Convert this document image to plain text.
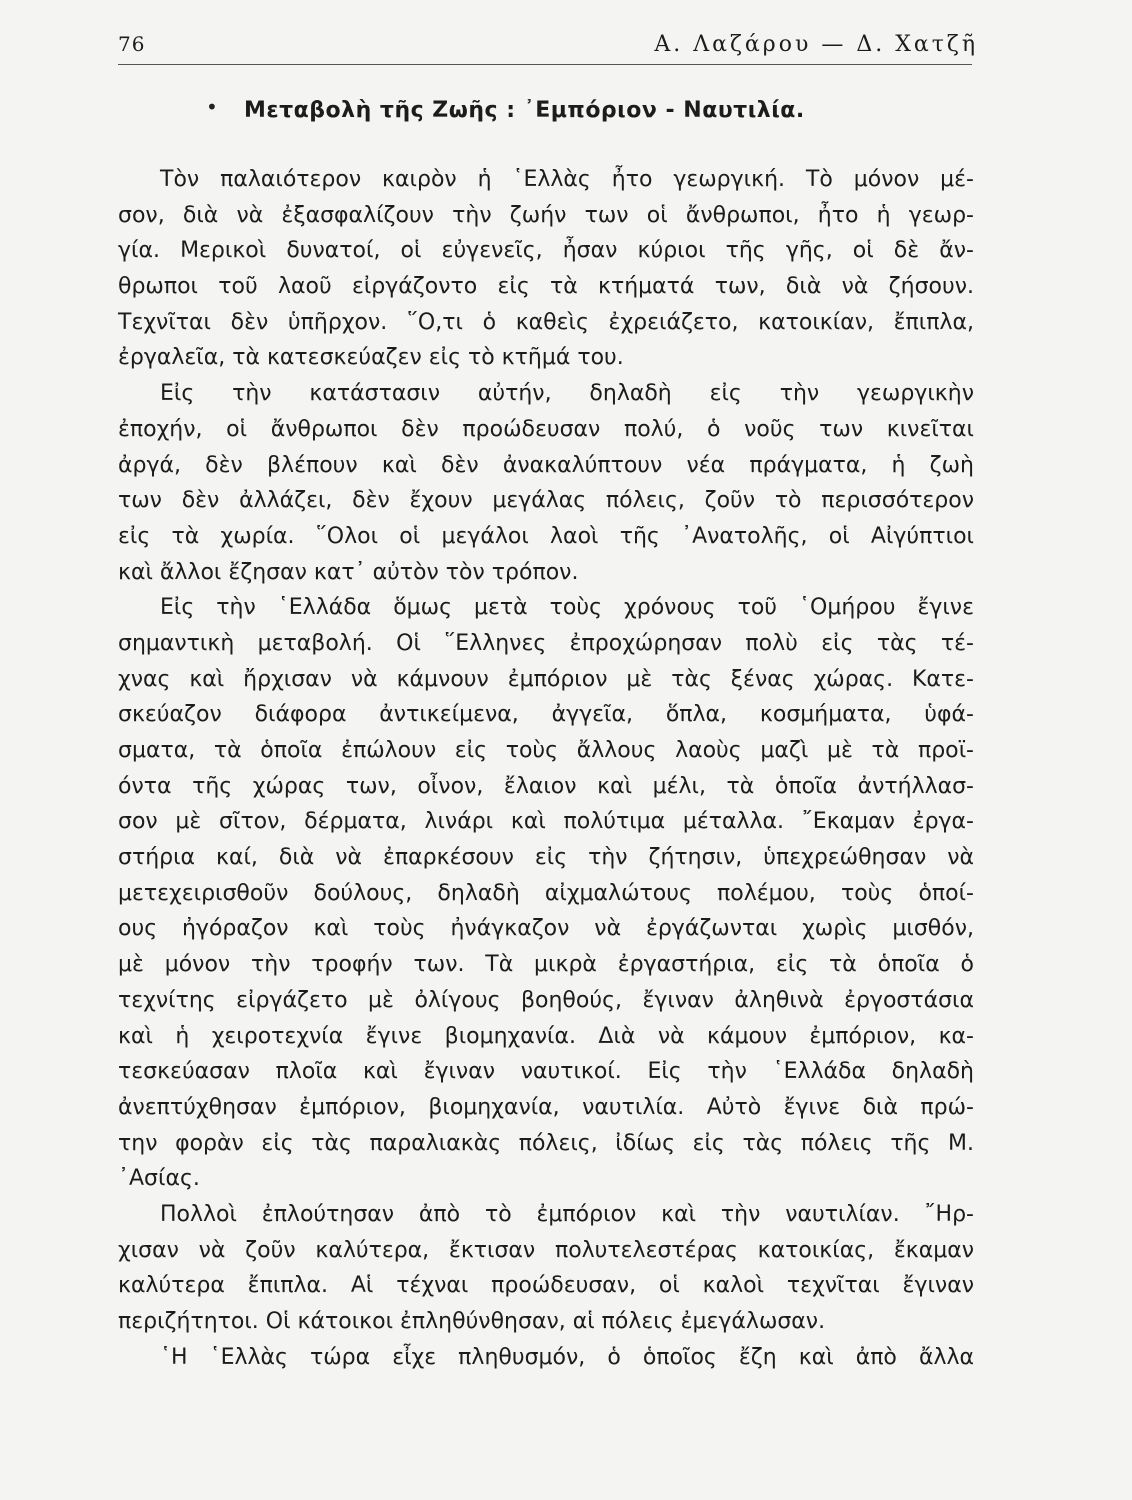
76	Α. Λαζάρου — Δ. Χατζῆ
• Μεταβολὴ τῆς Ζωῆς : ᾿Εμπόριον - Ναυτιλία.
Τὸν παλαιότερον καιρὸν ἡ ῾Ελλὰς ἦτο γεωργική. Τὸ μόνον μέ-
σον, διὰ νὰ ἐξασφαλίζουν τὴν ζωήν των οἱ ἄνθρωποι, ἦτο ἡ γεωρ-
γία. Μερικοὶ δυνατοί, οἱ εὐγενεῖς, ἦσαν κύριοι τῆς γῆς, οἱ δὲ ἄν-
θρωποι τοῦ λαοῦ εἰργάζοντο εἰς τὰ κτήματά των, διὰ νὰ ζήσουν.
Τεχνῖται δὲν ὑπῆρχον. ῞Ο,τι ὁ καθεὶς ἐχρειάζετο, κατοικίαν, ἔπιπλα,
ἐργαλεῖα, τὰ κατεσκεύαζεν εἰς τὸ κτῆμά του.
Εἰς τὴν κατάστασιν αὐτήν, δηλαδὴ εἰς τὴν γεωργικὴν
ἐποχήν, οἱ ἄνθρωποι δὲν προώδευσαν πολύ, ὁ νοῦς των κινεῖται
ἀργά, δὲν βλέπουν καὶ δὲν ἀνακαλύπτουν νέα πράγματα, ἡ ζωὴ
των δὲν ἀλλάζει, δὲν ἔχουν μεγάλας πόλεις, ζοῦν τὸ περισσότερον
εἰς τὰ χωρία. ῞Ολοι οἱ μεγάλοι λαοὶ τῆς ᾿Ανατολῆς, οἱ Αἰγύπτιοι
καὶ ἄλλοι ἔζησαν κατ᾿ αὐτὸν τὸν τρόπον.
Εἰς τὴν ῾Ελλάδα ὅμως μετὰ τοὺς χρόνους τοῦ ῾Ομήρου ἔγινε
σημαντικὴ μεταβολή. Οἱ ῞Ελληνες ἐπροχώρησαν πολὺ εἰς τὰς τέ-
χνας καὶ ἤρχισαν νὰ κάμνουν ἐμπόριον μὲ τὰς ξένας χώρας. Κατε-
σκεύαζον διάφορα ἀντικείμενα, ἀγγεῖα, ὅπλα, κοσμήματα, ὑφά-
σματα, τὰ ὁποῖα ἐπώλουν εἰς τοὺς ἄλλους λαοὺς μαζὶ μὲ τὰ προϊ-
όντα τῆς χώρας των, οἶνον, ἔλαιον καὶ μέλι, τὰ ὁποῖα ἀντήλλασ-
σον μὲ σῖτον, δέρματα, λινάρι καὶ πολύτιμα μέταλλα. ῎Εκαμαν ἐργα-
στήρια καί, διὰ νὰ ἐπαρκέσουν εἰς τὴν ζήτησιν, ὑπεχρεώθησαν νὰ
μετεχειρισθοῦν δούλους, δηλαδὴ αἰχμαλώτους πολέμου, τοὺς ὁποί-
ους ἠγόραζον καὶ τοὺς ἠνάγκαζον νὰ ἐργάζωνται χωρὶς μισθόν,
μὲ μόνον τὴν τροφήν των. Τὰ μικρὰ ἐργαστήρια, εἰς τὰ ὁποῖα ὁ
τεχνίτης εἰργάζετο μὲ ὀλίγους βοηθούς, ἔγιναν ἀληθινὰ ἐργοστάσια
καὶ ἡ χειροτεχνία ἔγινε βιομηχανία. Διὰ νὰ κάμουν ἐμπόριον, κα-
τεσκεύασαν πλοῖα καὶ ἔγιναν ναυτικοί. Εἰς τὴν ῾Ελλάδα δηλαδὴ
ἀνεπτύχθησαν ἐμπόριον, βιομηχανία, ναυτιλία. Αὐτὸ ἔγινε διὰ πρώ-
την φορὰν εἰς τὰς παραλιακὰς πόλεις, ἰδίως εἰς τὰς πόλεις τῆς Μ.
᾿Ασίας.
Πολλοὶ ἐπλούτησαν ἀπὸ τὸ ἐμπόριον καὶ τὴν ναυτιλίαν. ῎Ηρ-
χισαν νὰ ζοῦν καλύτερα, ἔκτισαν πολυτελεστέρας κατοικίας, ἔκαμαν
καλύτερα ἔπιπλα. Αἱ τέχναι προώδευσαν, οἱ καλοὶ τεχνῖται ἔγιναν
περιζήτητοι. Οἱ κάτοικοι ἐπληθύνθησαν, αἱ πόλεις ἐμεγάλωσαν.
῾Η ῾Ελλὰς τώρα εἶχε πληθυσμόν, ὁ ὁποῖος ἔζη καὶ ἀπὸ ἄλλα
